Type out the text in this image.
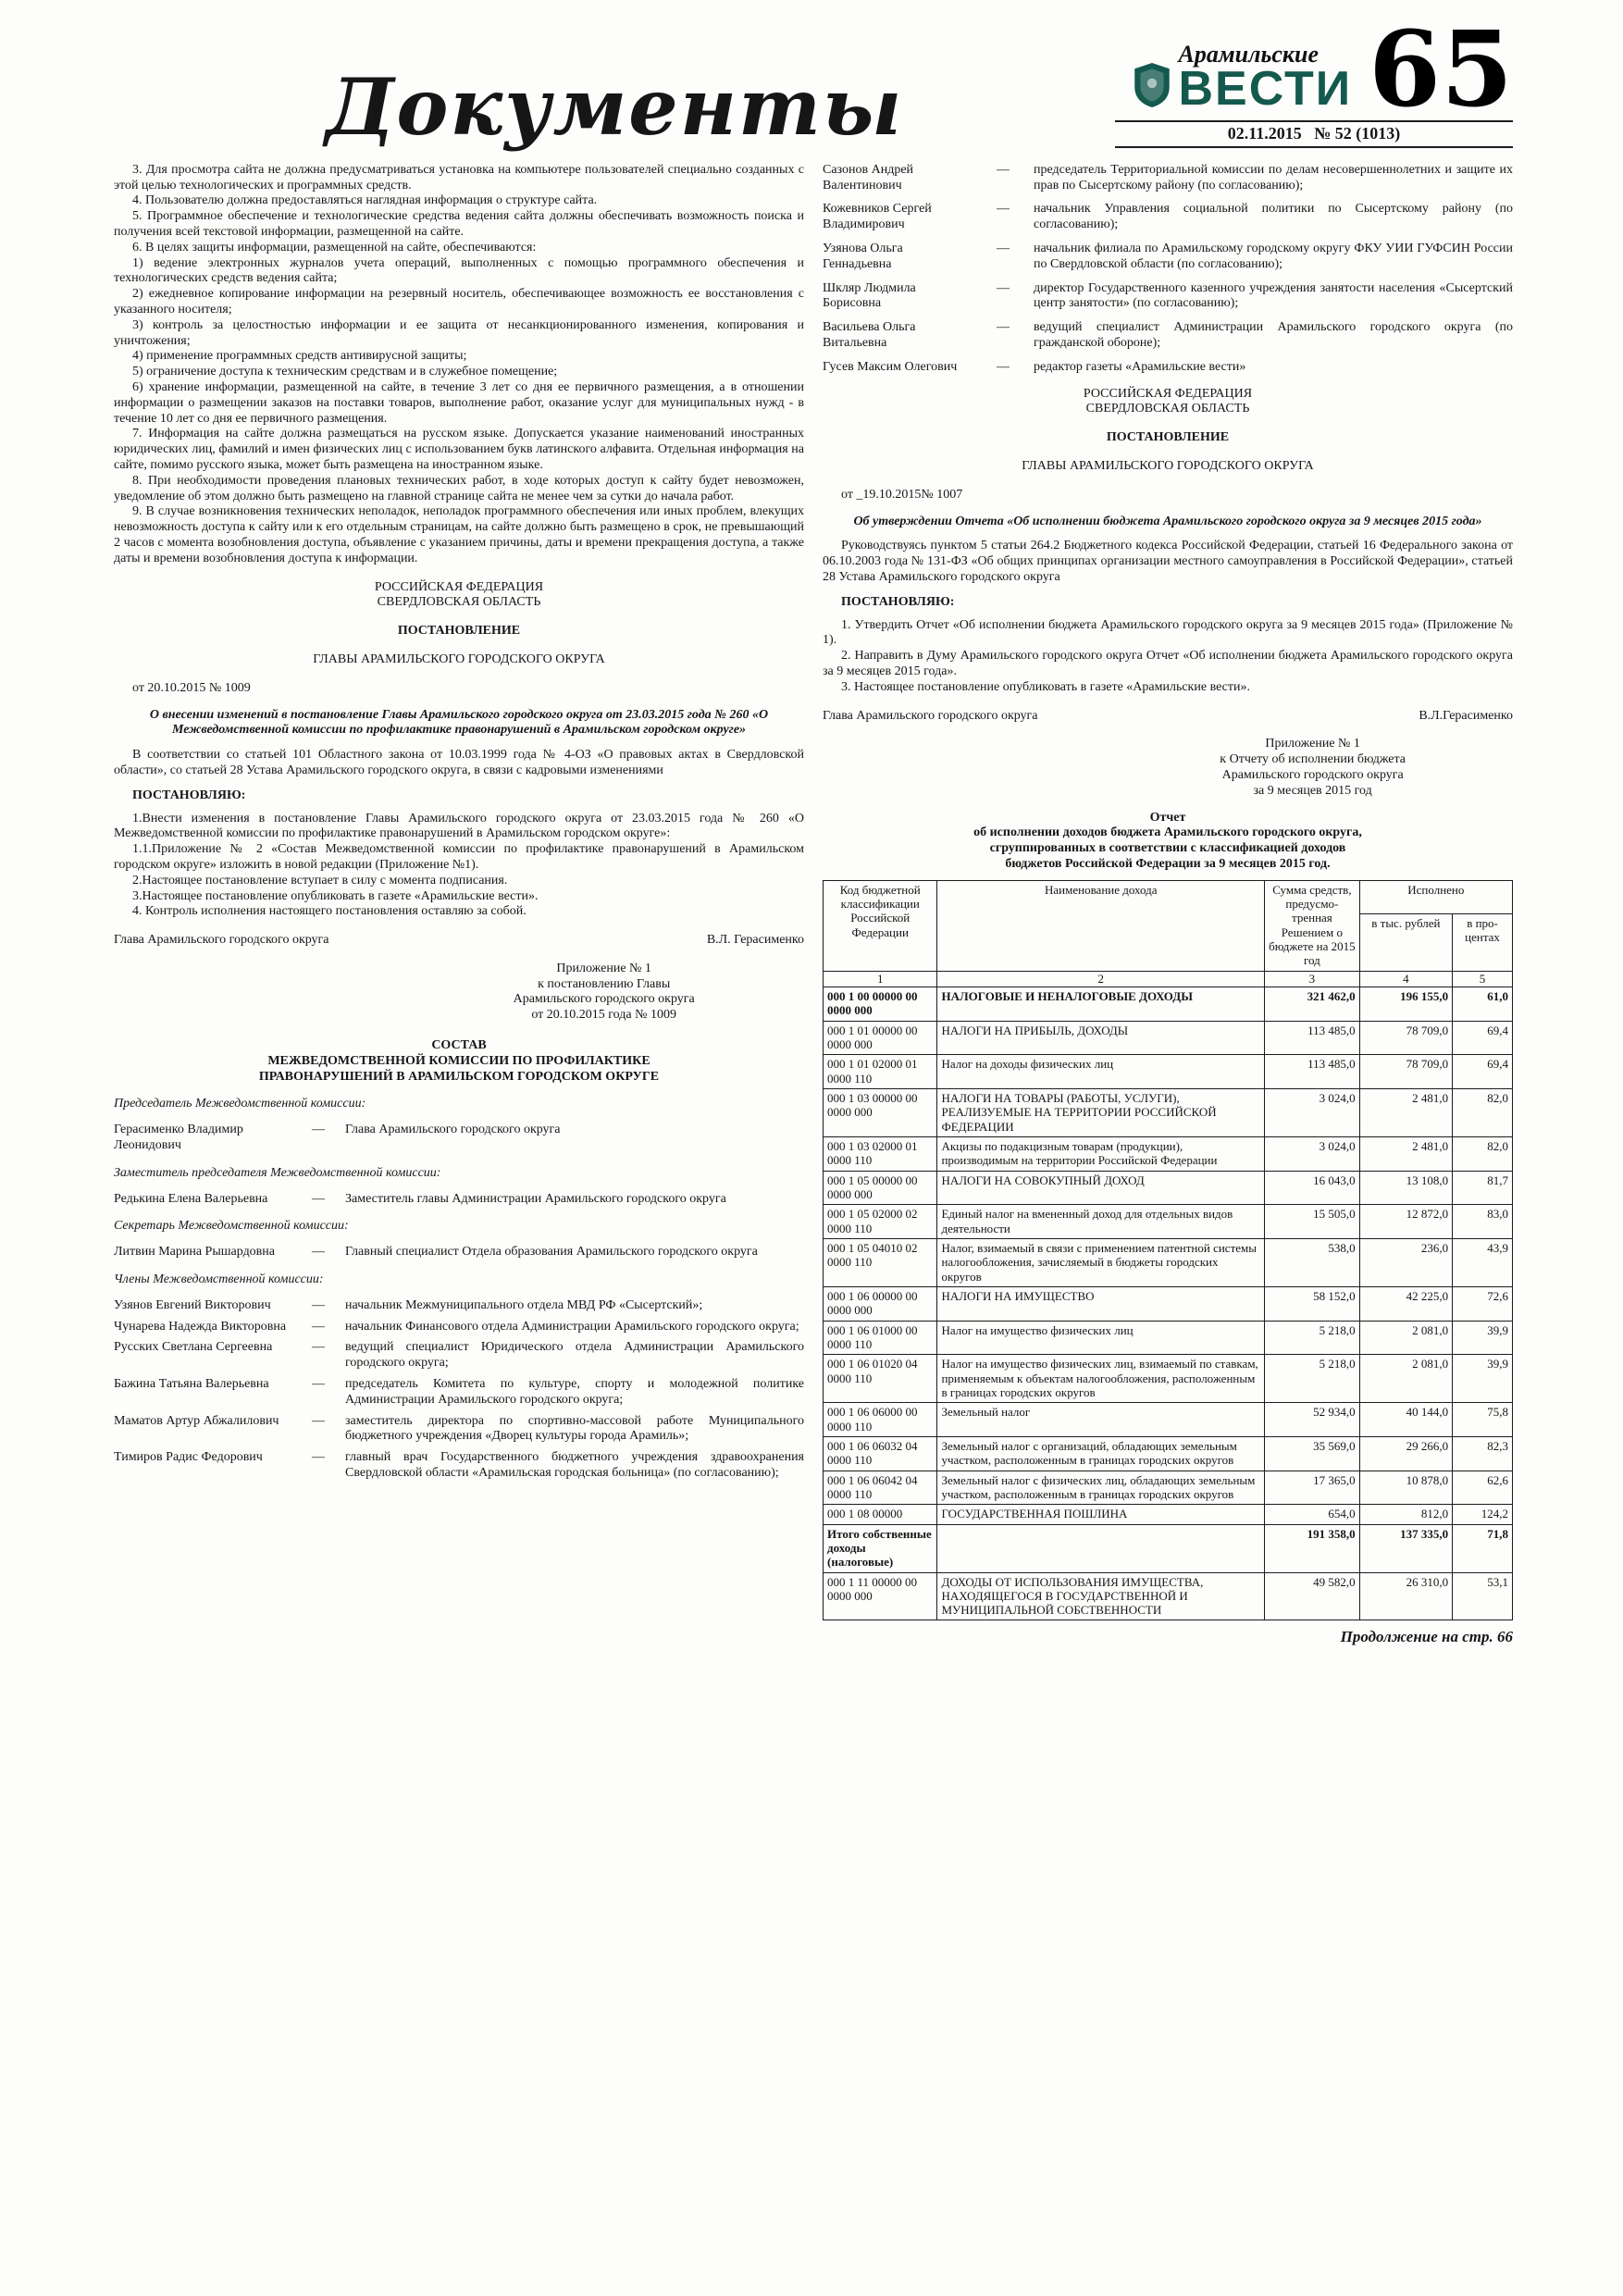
Документы
Арамильские
ВЕСТИ 65
02.11.2015   № 52 (1013)

3. Для просмотра сайта не должна предусматриваться установка на компьютере пользователей специально созданных с этой целью технологических и программных средств.

4. Пользователю должна предоставляться наглядная информация о структуре сайта.

5. Программное обеспечение и технологические средства ведения сайта должны обеспечивать возможность поиска и получения всей текстовой информации, размещенной на сайте.

6. В целях защиты информации, размещенной на сайте, обеспечиваются:

1) ведение электронных журналов учета операций, выполненных с помощью программного обеспечения и технологических средств ведения сайта;

2) ежедневное копирование информации на резервный носитель, обеспечивающее возможность ее восстановления с указанного носителя;

3) контроль за целостностью информации и ее защита от несанкционированного изменения, копирования и уничтожения;

4) применение программных средств антивирусной защиты;

5) ограничение доступа к техническим средствам и в служебное помещение;

6) хранение информации, размещенной на сайте, в течение 3 лет со дня ее первичного размещения, а в отношении информации о размещении заказов на поставки товаров, выполнение работ, оказание услуг для муниципальных нужд - в течение 10 лет со дня ее первичного размещения.

7. Информация на сайте должна размещаться на русском языке. Допускается указание наименований иностранных юридических лиц, фамилий и имен физических лиц с использованием букв латинского алфавита. Отдельная информация на сайте, помимо русского языка, может быть размещена на иностранном языке.

8. При необходимости проведения плановых технических работ, в ходе которых доступ к сайту будет невозможен, уведомление об этом должно быть размещено на главной странице сайта не менее чем за сутки до начала работ.

9. В случае возникновения технических неполадок, неполадок программного обеспечения или иных проблем, влекущих невозможность доступа к сайту или к его отдельным страницам, на сайте должно быть размещено в срок, не превышающий 2 часов с момента возобновления доступа, объявление с указанием причины, даты и времени прекращения доступа, а также даты и времени возобновления доступа к информации.

РОССИЙСКАЯ ФЕДЕРАЦИЯ
СВЕРДЛОВСКАЯ ОБЛАСТЬ
ПОСТАНОВЛЕНИЕ
ГЛАВЫ АРАМИЛЬСКОГО ГОРОДСКОГО ОКРУГА
от 20.10.2015 № 1009
О внесении изменений в постановление Главы Арамильского городского округа от 23.03.2015 года № 260 «О Межведомственной комиссии по профилактике правонарушений в Арамильском городском округе»

В соответствии со статьей 101 Областного закона от 10.03.1999 года № 4-ОЗ «О правовых актах в Свердловской области», со статьей 28 Устава Арамильского городского округа, в связи с кадровыми изменениями

ПОСТАНОВЛЯЮ:

1.Внести изменения в постановление Главы Арамильского городского округа от 23.03.2015 года № 260 «О Межведомственной комиссии по профилактике правонарушений в Арамильском городском округе»:

1.1.Приложение № 2 «Состав Межведомственной комиссии по профилактике правонарушений в Арамильском городском округе» изложить в новой редакции (Приложение №1).

2.Настоящее постановление вступает в силу с момента подписания.

3.Настоящее постановление опубликовать в газете «Арамильские вести».

4. Контроль исполнения настоящего постановления оставляю за собой.

Глава Арамильского городского округа	В.Л. Герасименко
Приложение № 1
к постановлению Главы
Арамильского городского округа
от 20.10.2015 года № 1009
СОСТАВ
МЕЖВЕДОМСТВЕННОЙ КОМИССИИ ПО ПРОФИЛАКТИКЕ
ПРАВОНАРУШЕНИЙ В АРАМИЛЬСКОМ ГОРОДСКОМ ОКРУГЕ
Председатель Межведомственной комиссии:
Герасименко Владимир Леонидович
—	Глава Арамильского городского округа
Заместитель председателя Межведомственной комиссии:
Редькина Елена Валерьевна	—	Заместитель главы Администрации Арамильского городского округа
Секретарь Межведомственной комиссии:
Литвин Марина Рышардовна	—	Главный специалист Отдела образования Арамильского городского округа
Члены Межведомственной комиссии:
Узянов Евгений Викторович	—	начальник Межмуниципального отдела МВД РФ «Сысертский»;
Чунарева Надежда Викторовна	—	начальник Финансового отдела Администрации Арамильского городского округа;
Русских Светлана Сергеевна	—	ведущий специалист Юридического отдела Администрации Арамильского городского округа;
Бажина Татьяна Валерьевна	—	председатель Комитета по культуре, спорту и молодежной политике Администрации Арамильского городского округа;
Маматов Артур Абжалилович	—	заместитель директора по спортивно-массовой работе Муниципального бюджетного учреждения «Дворец культуры города Арамиль»;
Тимиров Радис Федорович	—	главный врач Государственного бюджетного учреждения здравоохранения Свердловской области «Арамильская городская больница» (по согласованию);
Сазонов Андрей Валентинович
—	председатель Территориальной комиссии по делам несовершеннолетних и защите их прав по Сысертскому району (по согласованию);
Кожевников Сергей Владимирович
—	начальник Управления социальной политики по Сысертскому району (по согласованию);
Узянова Ольга Геннадьевна
—	начальник филиала по Арамильскому городскому округу ФКУ УИИ ГУФСИН России по Свердловской области (по согласованию);
Шкляр Людмила Борисовна
—	директор Государственного казенного учреждения занятости населения «Сысертский центр занятости» (по согласованию);
Васильева Ольга Витальевна
—	ведущий специалист Администрации Арамильского городского округа (по гражданской обороне);
Гусев Максим Олегович	—	редактор газеты «Арамильские вести»
РОССИЙСКАЯ ФЕДЕРАЦИЯ
СВЕРДЛОВСКАЯ ОБЛАСТЬ
ПОСТАНОВЛЕНИЕ
ГЛАВЫ АРАМИЛЬСКОГО ГОРОДСКОГО ОКРУГА
от _19.10.2015№ 1007
Об утверждении Отчета «Об исполнении бюджета Арамильского городского округа за 9 месяцев 2015 года»

Руководствуясь пунктом 5 статьи 264.2 Бюджетного кодекса Российской Федерации, статьей 16 Федерального закона от 06.10.2003 года № 131-ФЗ «Об общих принципах организации местного самоуправления в Российской Федерации», статьей 28 Устава Арамильского городского округа

ПОСТАНОВЛЯЮ:

1. Утвердить Отчет «Об исполнении бюджета Арамильского городского округа за 9 месяцев 2015 года» (Приложение № 1).

2. Направить в Думу Арамильского городского округа Отчет «Об исполнении бюджета Арамильского городского округа за 9 месяцев 2015 года».

3. Настоящее постановление опубликовать в газете «Арамильские вести».

Глава Арамильского городского округа	В.Л.Герасименко
Приложение № 1
к Отчету об исполнении бюджета
Арамильского городского округа
за 9 месяцев 2015 год
Отчет
об исполнении доходов бюджета Арамильского городского округа,
сгруппированных в соответствии с классификацией доходов
бюджетов Российской Федерации за 9 месяцев 2015 год.
Код бюджетной классификации Российской Федерации	Наименование дохода	Сумма средств, предусмотренная Решением о бюджете на 2015 год	Исполнено	
			в тыс. рублей	в процентах
1	2	3	4	5
000 1 00 00000 00 0000 000	НАЛОГОВЫЕ И НЕНАЛОГОВЫЕ ДОХОДЫ	321 462,0	196 155,0	61,0
000 1 01 00000 00 0000 000	НАЛОГИ НА ПРИБЫЛЬ, ДОХОДЫ	113 485,0	78 709,0	69,4
000 1 01 02000 01 0000 110	Налог на доходы физических лиц	113 485,0	78 709,0	69,4
000 1 03 00000 00 0000 000	НАЛОГИ НА ТОВАРЫ (РАБОТЫ, УСЛУГИ), РЕАЛИЗУЕМЫЕ НА ТЕРРИТОРИИ РОССИЙСКОЙ ФЕДЕРАЦИИ	3 024,0	2 481,0	82,0
000 1 03 02000 01 0000 110	Акцизы по подакцизным товарам (продукции), производимым на территории Российской Федерации	3 024,0	2 481,0	82,0
000 1 05 00000 00 0000 000	НАЛОГИ НА СОВОКУПНЫЙ ДОХОД	16 043,0	13 108,0	81,7
000 1 05 02000 02 0000 110	Единый налог на вмененный доход для отдельных видов деятельности	15 505,0	12 872,0	83,0
000 1 05 04010 02 0000 110	Налог, взимаемый в связи с применением патентной системы налогообложения, зачисляемый в бюджеты городских округов	538,0	236,0	43,9
000 1 06 00000 00 0000 000	НАЛОГИ НА ИМУЩЕСТВО	58 152,0	42 225,0	72,6
000 1 06 01000 00 0000 110	Налог на имущество физических лиц	5 218,0	2 081,0	39,9
000 1 06 01020 04 0000 110	Налог на имущество физических лиц, взимаемый по ставкам, применяемым к объектам налогообложения, расположенным в границах городских округов	5 218,0	2 081,0	39,9
000 1 06 06000 00 0000 110	Земельный налог	52 934,0	40 144,0	75,8
000 1 06 06032 04 0000 110	Земельный налог с организаций, обладающих земельным участком, расположенным в границах городских округов	35 569,0	29 266,0	82,3
000 1 06 06042 04 0000 110	Земельный налог с физических лиц, обладающих земельным участком, расположенным в границах городских округов	17 365,0	10 878,0	62,6
000 1 08 00000	ГОСУДАРСТВЕННАЯ ПОШЛИНА	654,0	812,0	124,2
Итого собственные доходы (налоговые)		191 358,0	137 335,0	71,8
000 1 11 00000 00 0000 000	ДОХОДЫ ОТ ИСПОЛЬЗОВАНИЯ ИМУЩЕСТВА, НАХОДЯЩЕГОСЯ В ГОСУДАРСТВЕННОЙ И МУНИЦИПАЛЬНОЙ СОБСТВЕННОСТИ	49 582,0	26 310,0	53,1
Продолжение на стр. 66
